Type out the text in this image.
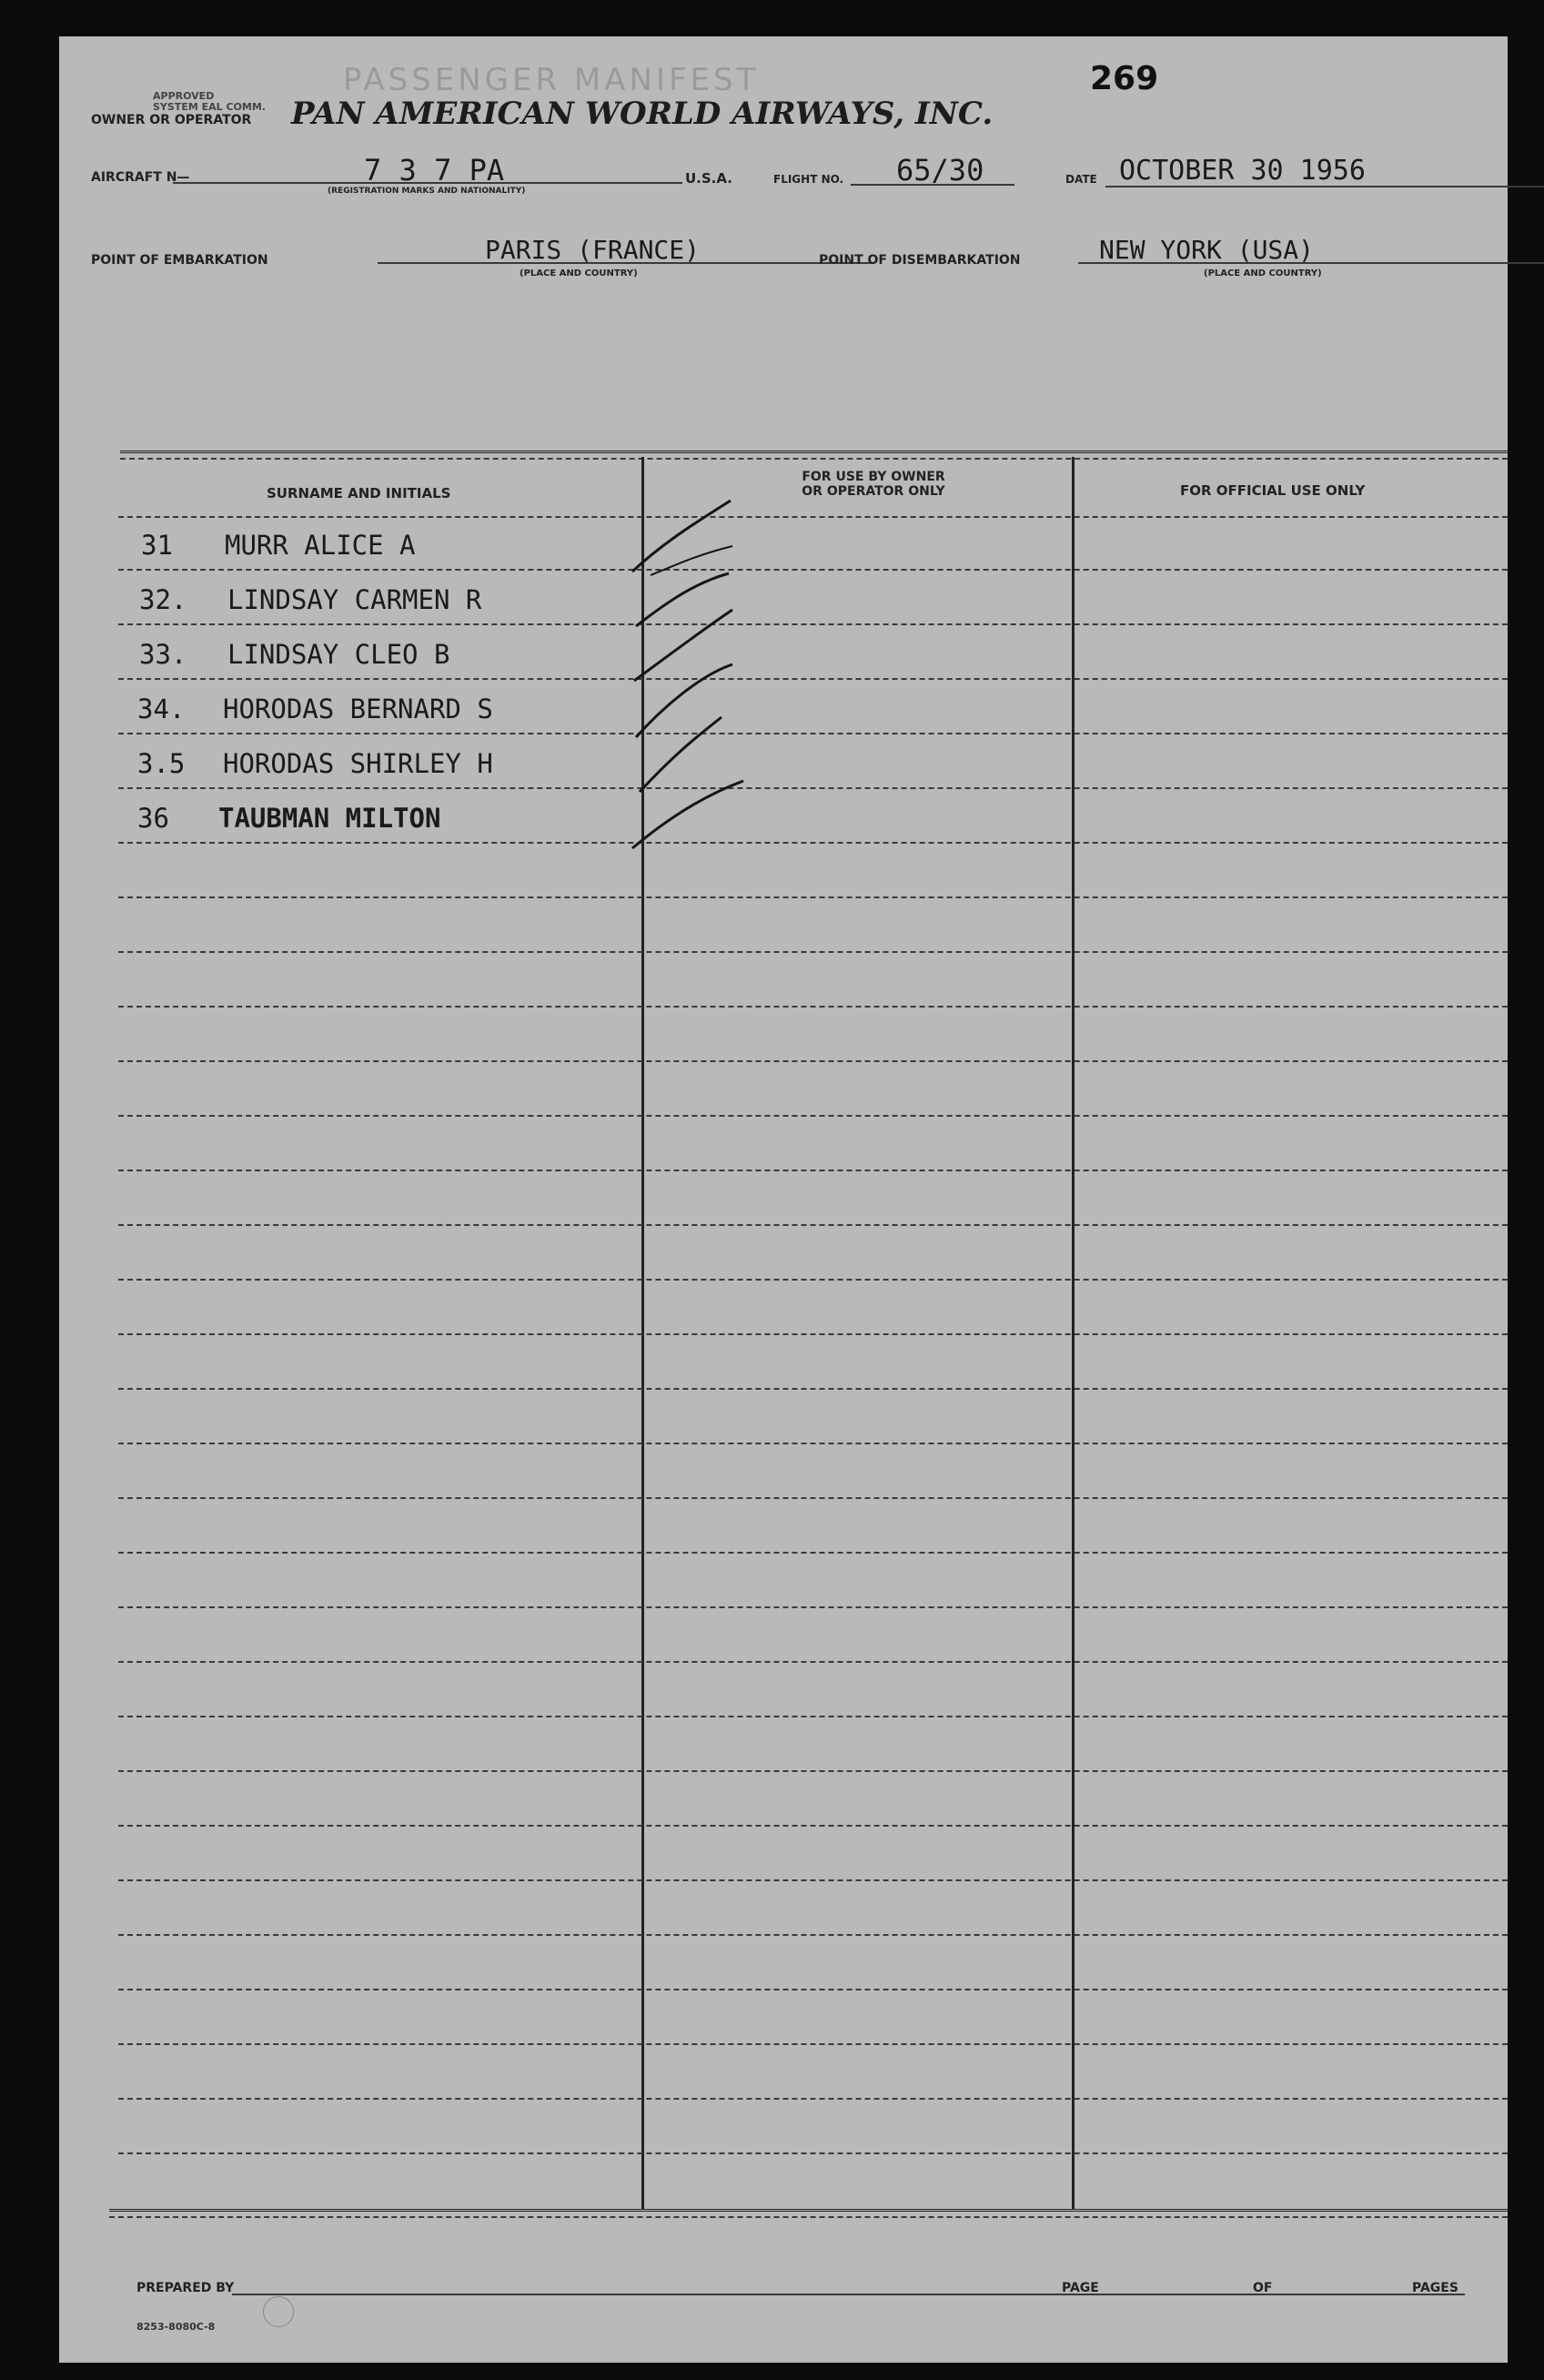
APPROVED
SYSTEM EAL COMM.
PASSENGER MANIFEST	269
OWNER OR OPERATOR PAN AMERICAN WORLD AIRWAYS, INC.
AIRCRAFT N—	7 3 7 PA
(REGISTRATION MARKS AND NATIONALITY)
U.S.A.	FLIGHT NO. 65/30	DATE OCTOBER 30 1956
POINT OF EMBARKATION	PARIS (FRANCE)
(PLACE AND COUNTRY)
POINT OF DISEMBARKATION	NEW YORK (USA)
(PLACE AND COUNTRY)
SURNAME AND INITIALS
FOR USE BY OWNER
OR OPERATOR ONLY	FOR OFFICIAL USE ONLY
31 MURR ALICE A
32. LINDSAY CARMEN R
33. LINDSAY CLEO B
34. HORODAS BERNARD S
3.5 HORODAS SHIRLEY H
36 TAUBMAN MILTON
PREPARED BY	PAGE	OF	PAGES
8253-8080C-8
